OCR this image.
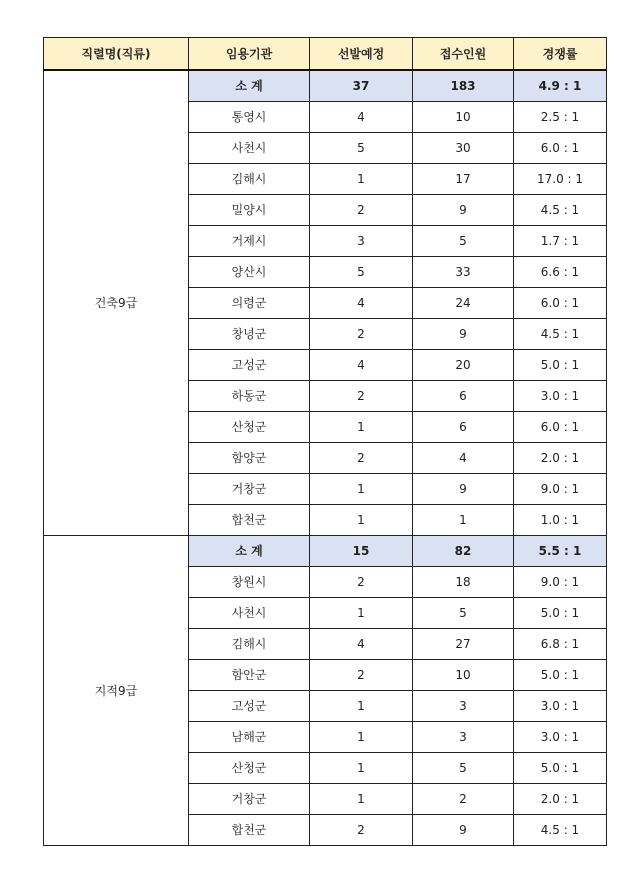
직렬명(직류)	임용기관	선발예정	접수인원	경쟁률
건축9급	소 계	37	183	4.9 : 1
	통영시	4	10	2.5 : 1
	사천시	5	30	6.0 : 1
	김해시	1	17	17.0 : 1
	밀양시	2	9	4.5 : 1
	거제시	3	5	1.7 : 1
	양산시	5	33	6.6 : 1
	의령군	4	24	6.0 : 1
	창녕군	2	9	4.5 : 1
	고성군	4	20	5.0 : 1
	하동군	2	6	3.0 : 1
	산청군	1	6	6.0 : 1
	함양군	2	4	2.0 : 1
	거창군	1	9	9.0 : 1
	합천군	1	1	1.0 : 1
지적9급	소 계	15	82	5.5 : 1
	창원시	2	18	9.0 : 1
	사천시	1	5	5.0 : 1
	김해시	4	27	6.8 : 1
	함안군	2	10	5.0 : 1
	고성군	1	3	3.0 : 1
	남해군	1	3	3.0 : 1
	산청군	1	5	5.0 : 1
	거창군	1	2	2.0 : 1
	합천군	2	9	4.5 : 1
